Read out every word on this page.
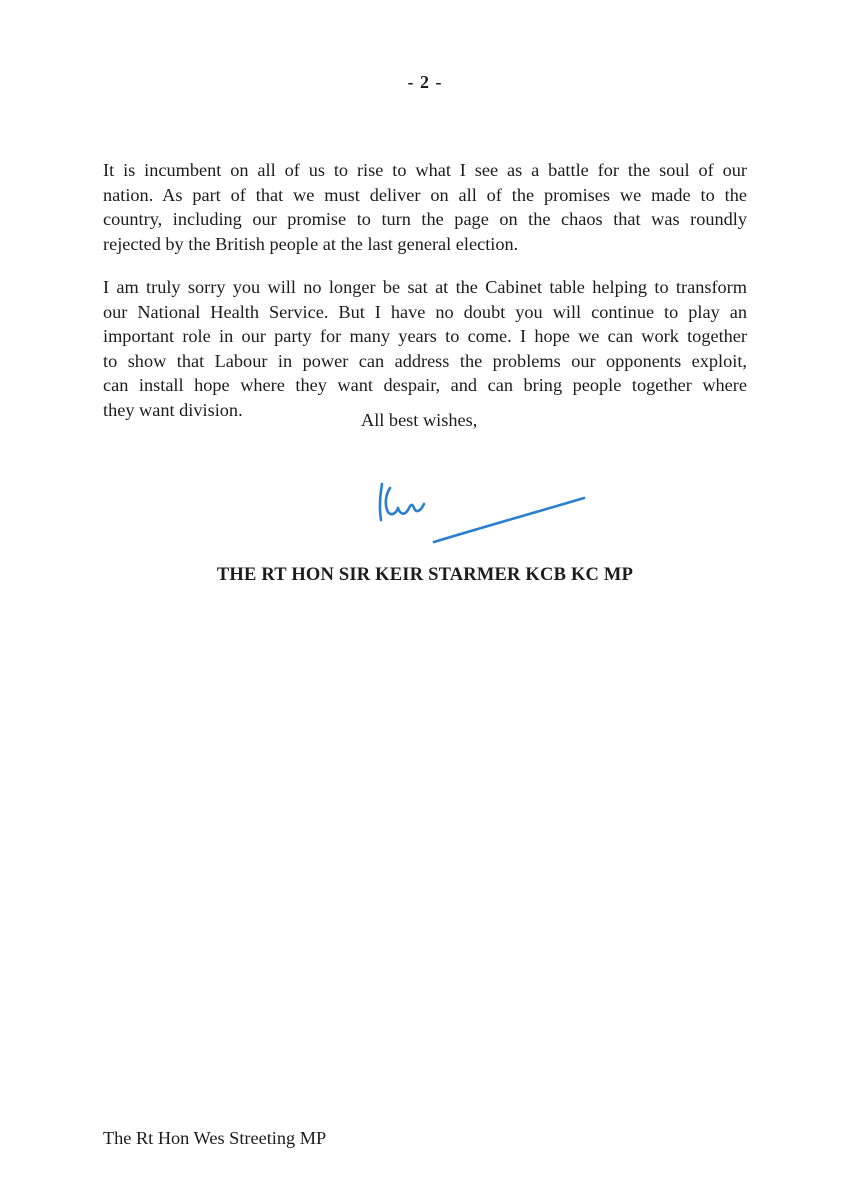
- 2 -
It is incumbent on all of us to rise to what I see as a battle for the soul of our
nation. As part of that we must deliver on all of the promises we made to the
country, including our promise to turn the page on the chaos that was roundly
rejected by the British people at the last general election.
I am truly sorry you will no longer be sat at the Cabinet table helping to transform
our National Health Service. But I have no doubt you will continue to play an
important role in our party for many years to come. I hope we can work together
to show that Labour in power can address the problems our opponents exploit,
can install hope where they want despair, and can bring people together where
they want division.
All best wishes,
THE RT HON SIR KEIR STARMER KCB KC MP
The Rt Hon Wes Streeting MP
